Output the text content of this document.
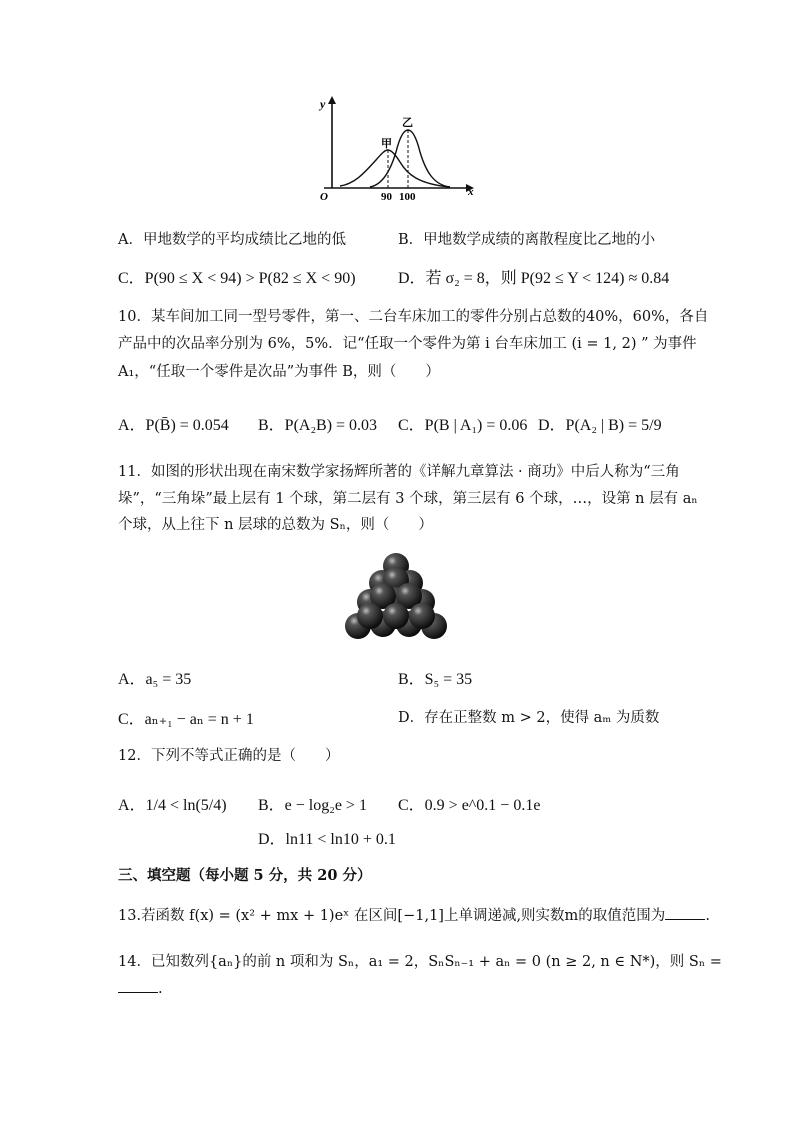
y
x
O
甲
乙
90 100
A．甲地数学的平均成绩比乙地的低	B．甲地数学成绩的离散程度比乙地的小
C．P(90 ≤ X < 94) > P(82 ≤ X < 90)	D．若 σ₂ = 8，则 P(92 ≤ Y < 124) ≈ 0.84
10．某车间加工同一型号零件，第一、二台车床加工的零件分别占总数的40%，60%，各自
产品中的次品率分别为 6%，5%．记“任取一个零件为第 i 台车床加工 (i = 1, 2) ” 为事件
A₁，“任取一个零件是次品”为事件 B，则（　　）
A．P(B̄) = 0.054 B．P(A₂B) = 0.03 C．P(B | A₁) = 0.06 D．P(A₂ | B) = 5/9
11．如图的形状出现在南宋数学家扬辉所著的《详解九章算法 · 商功》中后人称为“三角
垛”，“三角垛”最上层有 1 个球，第二层有 3 个球，第三层有 6 个球，…，设第 n 层有 aₙ
个球，从上往下 n 层球的总数为 Sₙ，则（　　）
A．a₅ = 35	B．S₅ = 35
C．aₙ₊₁ − aₙ = n + 1	D．存在正整数 m > 2，使得 aₘ 为质数
12．下列不等式正确的是（　　）
A．1/4 < ln(5/4) B．e − log₂e > 1 C．0.9 > e^0.1 − 0.1e
D．ln11 < ln10 + 0.1
三、填空题（每小题 5 分，共 20 分）
13.若函数 f(x) = (x² + mx + 1)eˣ 在区间[−1,1]上单调递减,则实数m的取值范围为	.
14．已知数列{aₙ}的前 n 项和为 Sₙ，a₁ = 2，SₙSₙ₋₁ + aₙ = 0 (n ≥ 2, n ∈ N*)，则 Sₙ =
.
